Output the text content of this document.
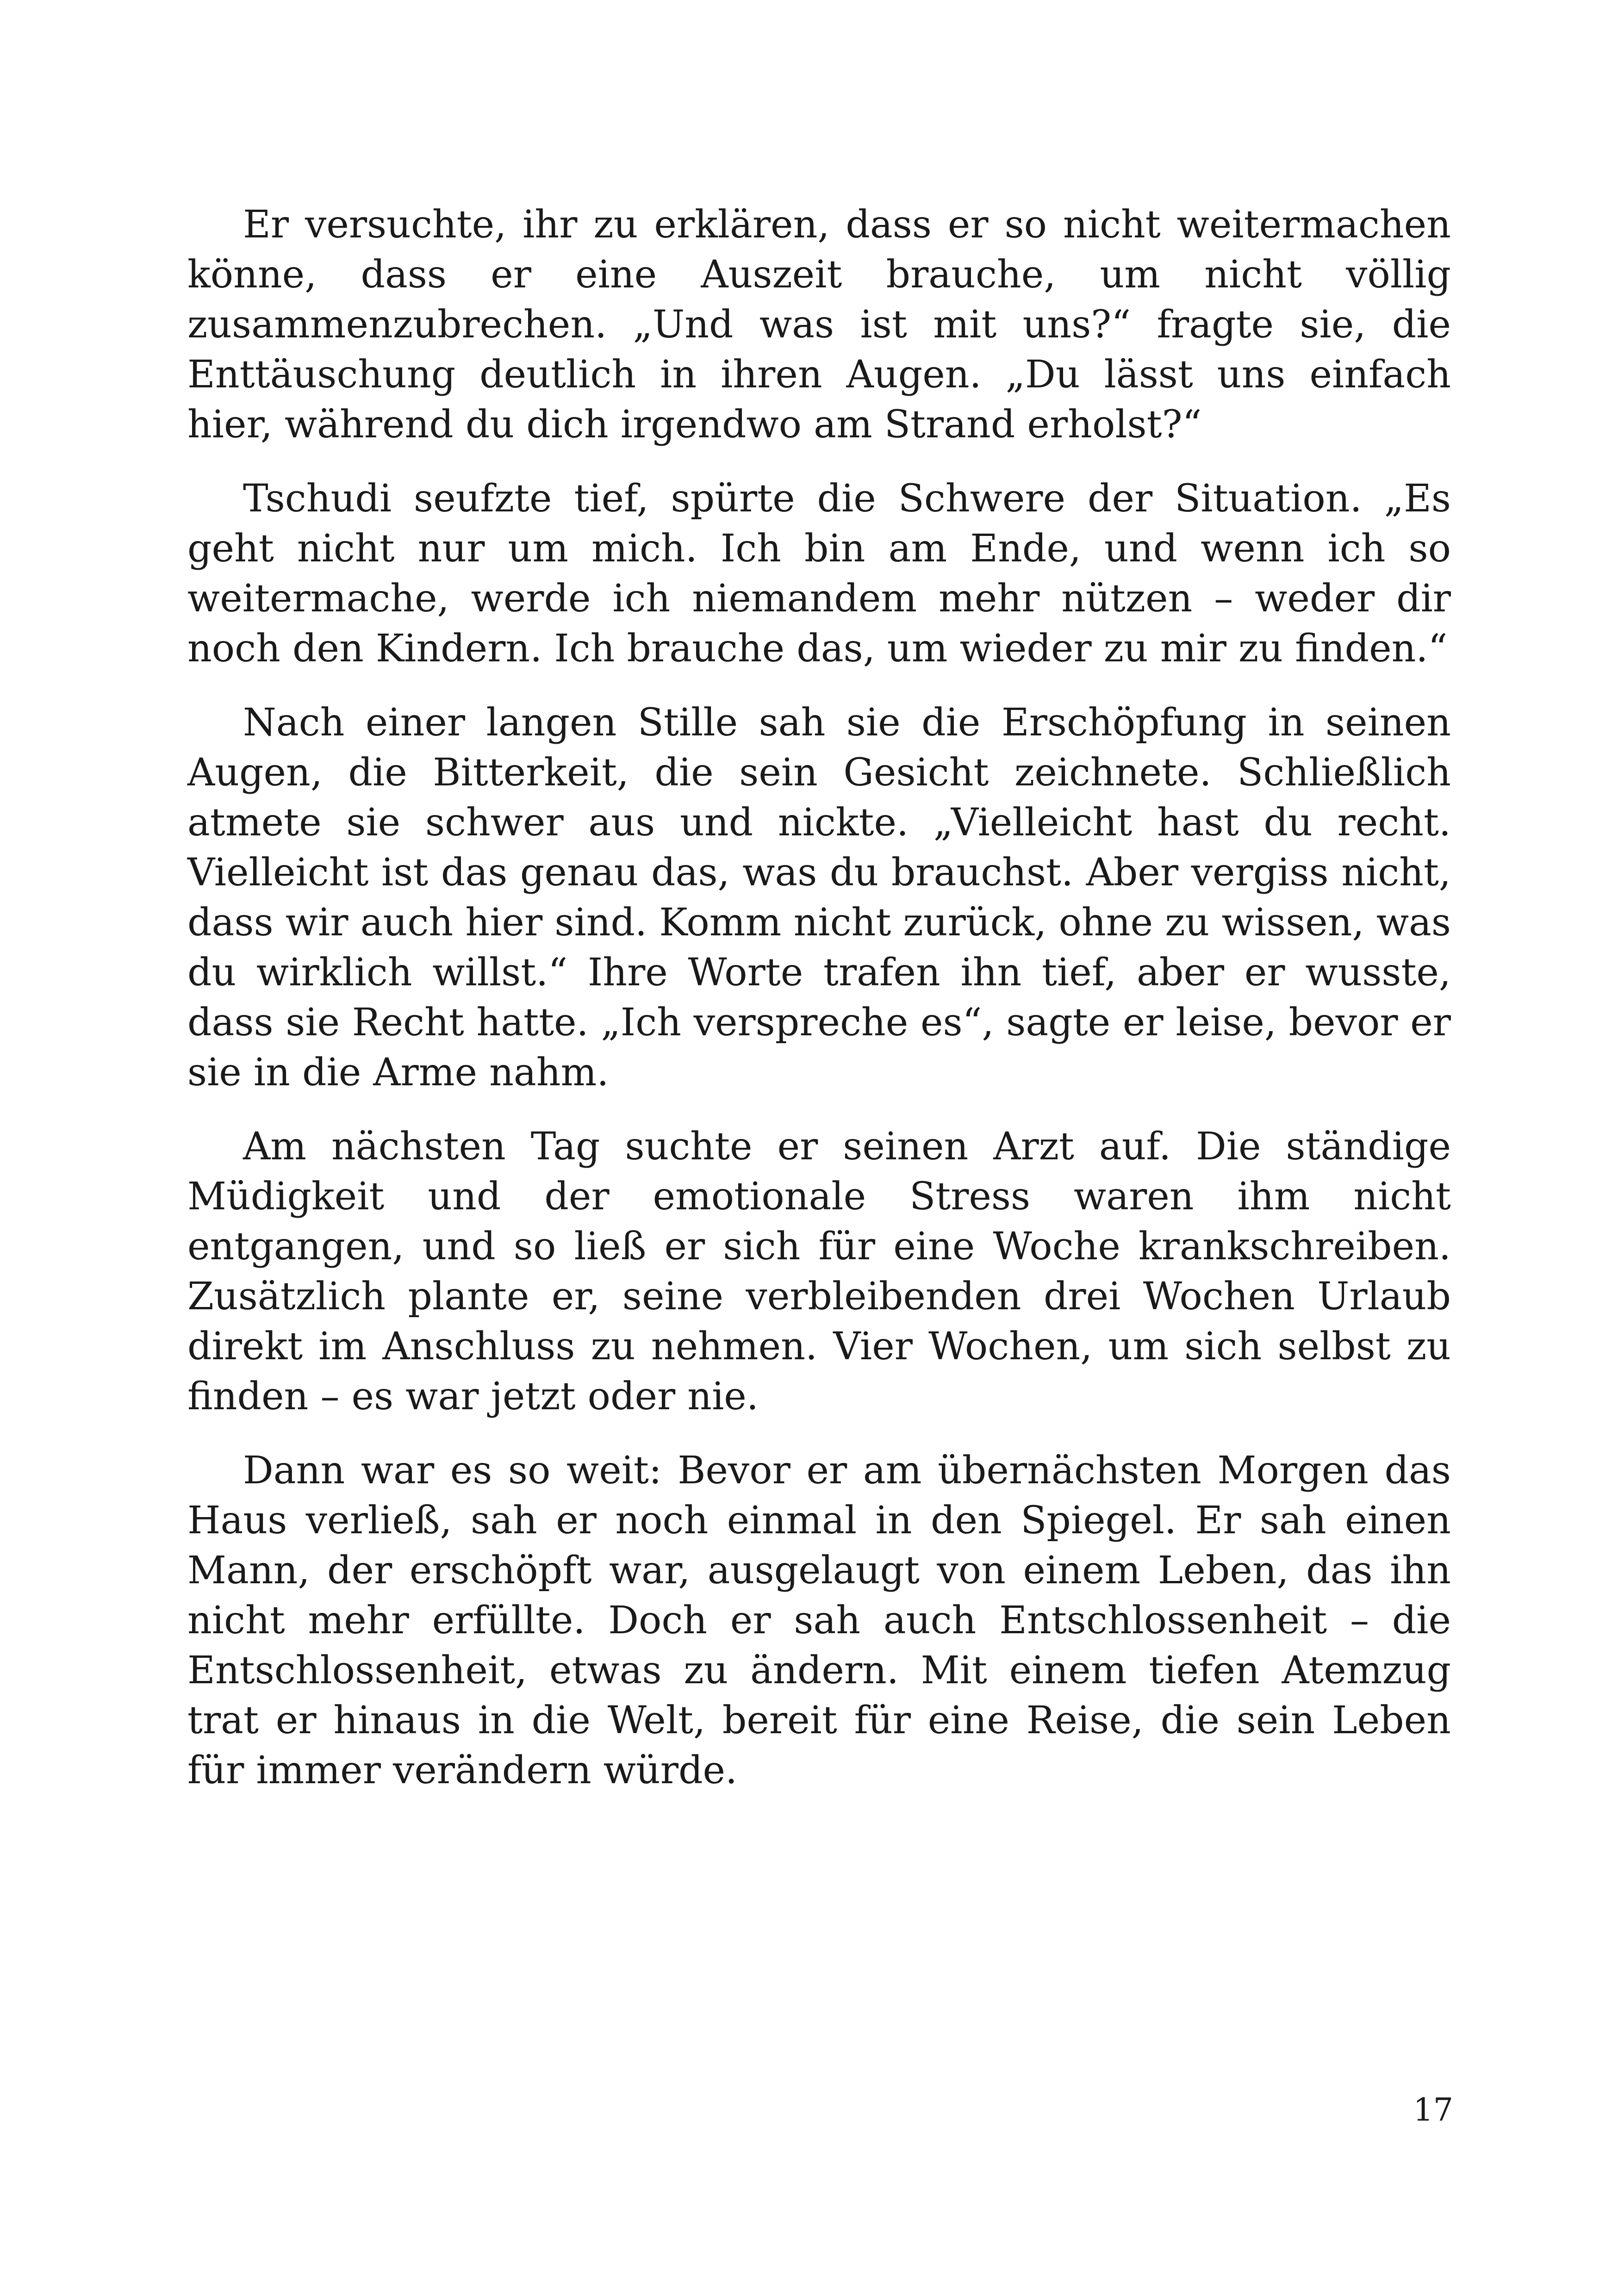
Er versuchte, ihr zu erklären, dass er so nicht weitermachen könne, dass er eine Auszeit brauche, um nicht völlig zusammenzubrechen. „Und was ist mit uns?“ fragte sie, die Enttäuschung deutlich in ihren Augen. „Du lässt uns einfach hier, während du dich irgendwo am Strand erholst?“

Tschudi seufzte tief, spürte die Schwere der Situation. „Es geht nicht nur um mich. Ich bin am Ende, und wenn ich so weitermache, werde ich niemandem mehr nützen – weder dir noch den Kindern. Ich brauche das, um wieder zu mir zu finden.“

Nach einer langen Stille sah sie die Erschöpfung in seinen Augen, die Bitterkeit, die sein Gesicht zeichnete. Schließlich atmete sie schwer aus und nickte. „Vielleicht hast du recht. Vielleicht ist das genau das, was du brauchst. Aber vergiss nicht, dass wir auch hier sind. Komm nicht zurück, ohne zu wissen, was du wirklich willst.“ Ihre Worte trafen ihn tief, aber er wusste, dass sie Recht hatte. „Ich verspreche es“, sagte er leise, bevor er sie in die Arme nahm.

Am nächsten Tag suchte er seinen Arzt auf. Die ständige Müdigkeit und der emotionale Stress waren ihm nicht entgangen, und so ließ er sich für eine Woche krankschreiben. Zusätzlich plante er, seine verbleibenden drei Wochen Urlaub direkt im Anschluss zu nehmen. Vier Wochen, um sich selbst zu finden – es war jetzt oder nie.

Dann war es so weit: Bevor er am übernächsten Morgen das Haus verließ, sah er noch einmal in den Spiegel. Er sah einen Mann, der erschöpft war, ausgelaugt von einem Leben, das ihn nicht mehr erfüllte. Doch er sah auch Entschlossenheit – die Entschlossenheit, etwas zu ändern. Mit einem tiefen Atemzug trat er hinaus in die Welt, bereit für eine Reise, die sein Leben für immer verändern würde.

17
